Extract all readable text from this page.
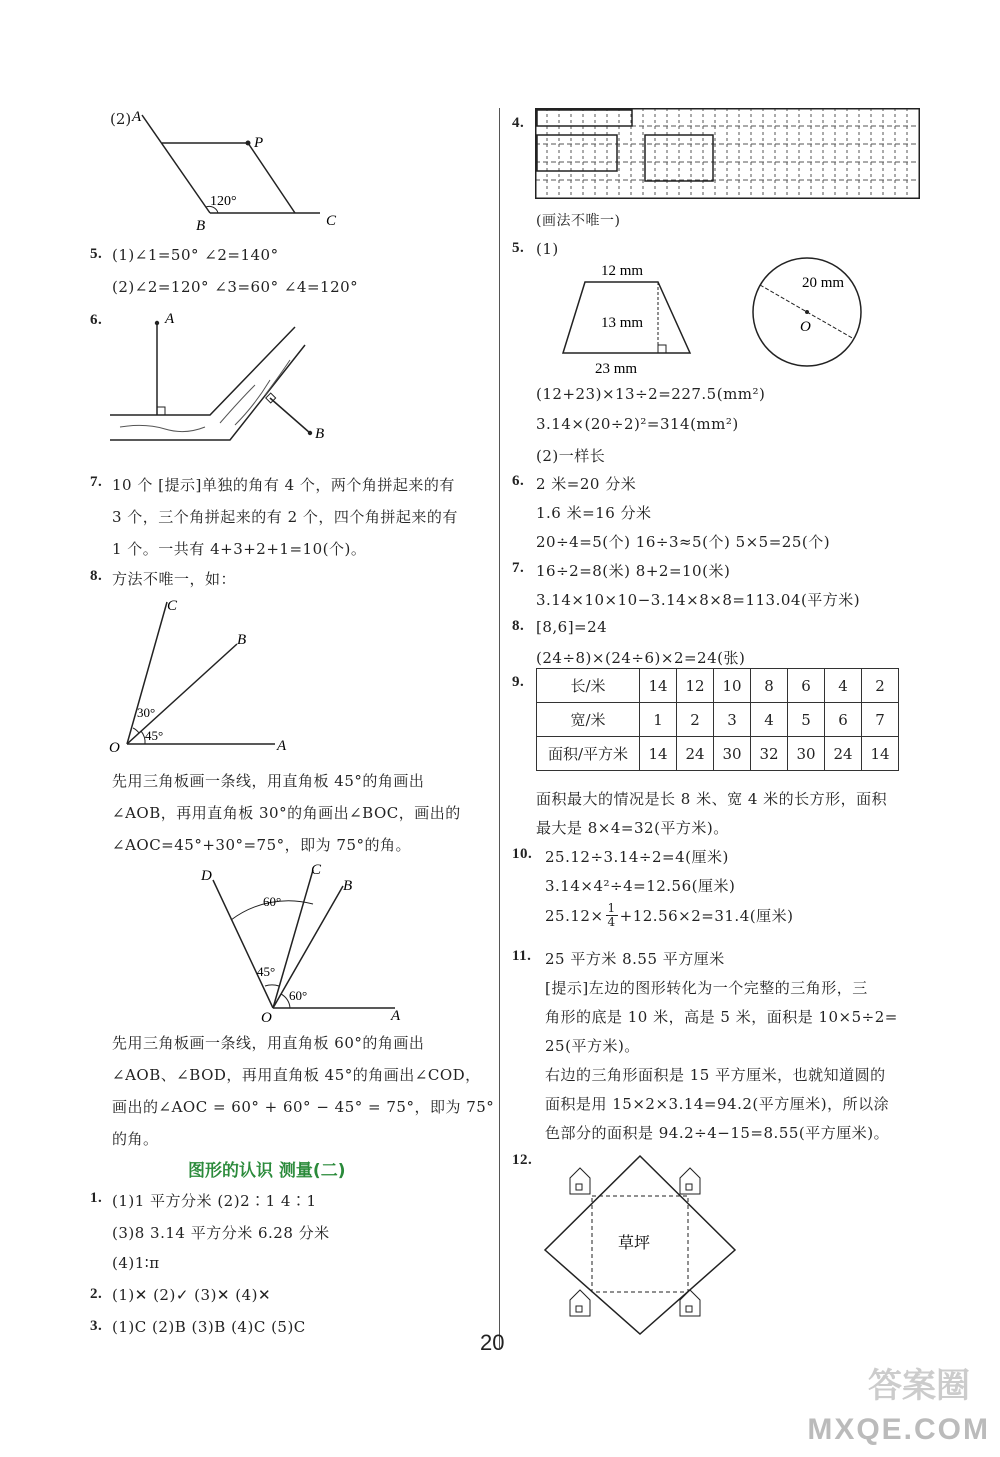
(2) A
P
B	C
120°
5. (1)∠1=50° ∠2=140°
(2)∠2=120° ∠3=60° ∠4=120°
6.	A
B
7. 10 个 [提示]单独的角有 4 个，两个角拼起来的有
3 个，三个角拼起来的有 2 个，四个角拼起来的有
1 个。一共有 4+3+2+1=10(个)。
8. 方法不唯一，如：
O	A
B
C
45°
30°
先用三角板画一条线，用直角板 45°的角画出
∠AOB，再用直角板 30°的角画出∠BOC，画出的
∠AOC=45°+30°=75°，即为 75°的角。
D	C
B
O	A
60°
45°
60°
先用三角板画一条线，用直角板 60°的角画出
∠AOB、∠BOD，再用直角板 45°的角画出∠COD，
画出的∠AOC = 60° + 60° − 45° = 75°，即为 75°
的角。
图形的认识 测量(二)
1. (1)1 平方分米 (2)2∶1 4∶1
(3)8 3.14 平方分米 6.28 分米
(4)1∶π
2. (1)✕ (2)✓ (3)✕ (4)✕
3. (1)C (2)B (3)B (4)C (5)C
4.
(画法不唯一)
5. (1)
12 mm
13 mm
23 mm
20 mm
O
(12+23)×13÷2=227.5(mm²)
3.14×(20÷2)²=314(mm²)
(2)一样长
6. 2 米=20 分米
1.6 米=16 分米
20÷4=5(个) 16÷3≈5(个) 5×5=25(个)
7. 16÷2=8(米) 8+2=10(米)
3.14×10×10−3.14×8×8=113.04(平方米)
8. [8,6]=24
(24÷8)×(24÷6)×2=24(张)
9.	长/米	14	12	10	8	6	4	2
宽/米	1	2	3	4	5	6	7
面积/平方米	14	24	30	32	30	24	14
面积最大的情况是长 8 米、宽 4 米的长方形，面积
最大是 8×4=32(平方米)。
10. 25.12÷3.14÷2=4(厘米)
3.14×4²÷4=12.56(厘米)
$25.12\times \frac{1}{4} +12.56\times 2=31.4$(厘米)
11. 25 平方米 8.55 平方厘米
[提示]左边的图形转化为一个完整的三角形，三
角形的底是 10 米，高是 5 米，面积是 10×5÷2=
25(平方米)。
右边的三角形面积是 15 平方厘米，也就知道圆的
面积是用 15×2×3.14=94.2(平方厘米)，所以涂
色部分的面积是 94.2÷4−15=8.55(平方厘米)。
12.
草坪
20
答案圈
MXQE.COM
